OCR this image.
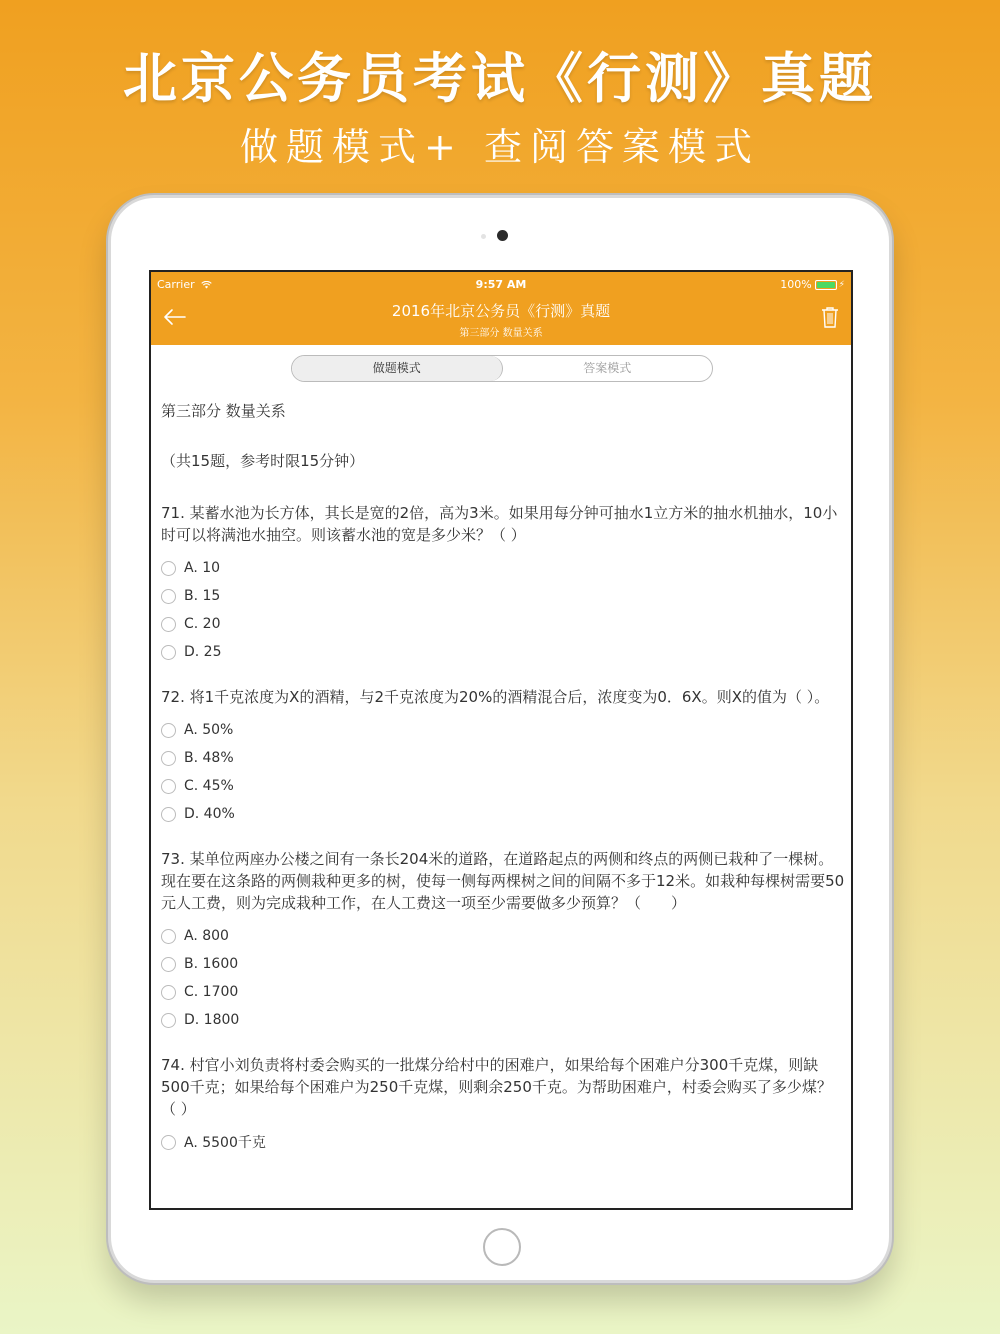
北京公务员考试《行测》真题
做题模式+ 查阅答案模式
Carrier	9:57 AM	100%	⚡
2016年北京公务员《行测》真题
第三部分 数量关系
做题模式	答案模式
第三部分 数量关系
（共15题，参考时限15分钟）
71. 某蓄水池为长方体，其长是宽的2倍，高为3米。如果用每分钟可抽水1立方米的抽水机抽水，10小时可以将满池水抽空。则该蓄水池的宽是多少米？（ ）
A. 10
B. 15
C. 20
D. 25
72. 将1千克浓度为X的酒精，与2千克浓度为20%的酒精混合后，浓度变为0．6X。则X的值为（ ）。
A. 50%
B. 48%
C. 45%
D. 40%
73. 某单位两座办公楼之间有一条长204米的道路，在道路起点的两侧和终点的两侧已栽种了一棵树。现在要在这条路的两侧栽种更多的树，使每一侧每两棵树之间的间隔不多于12米。如栽种每棵树需要50元人工费，则为完成栽种工作，在人工费这一项至少需要做多少预算？（　　）
A. 800
B. 1600
C. 1700
D. 1800
74. 村官小刘负责将村委会购买的一批煤分给村中的困难户，如果给每个困难户分300千克煤，则缺500千克；如果给每个困难户为250千克煤，则剩余250千克。为帮助困难户，村委会购买了多少煤？（ ）
A. 5500千克
